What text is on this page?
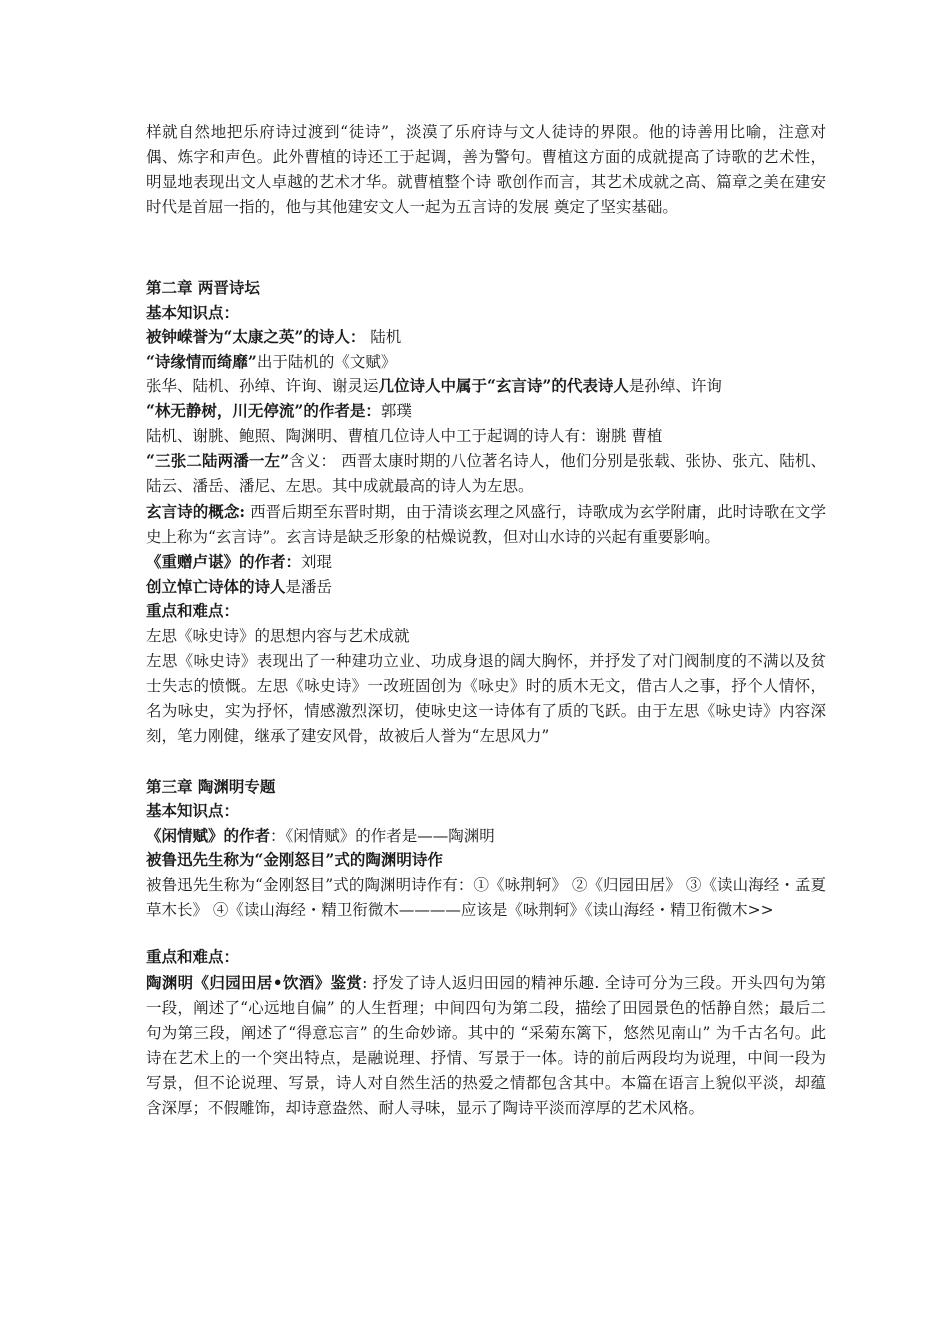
样就自然地把乐府诗过渡到“徒诗”，淡漠了乐府诗与文人徒诗的界限。他的诗善用比喻，注意对偶、炼字和声色。此外曹植的诗还工于起调，善为警句。曹植这方面的成就提高了诗歌的艺术性，明显地表现出文人卓越的艺术才华。就曹植整个诗 歌创作而言，其艺术成就之高、篇章之美在建安时代是首屈一指的，他与其他建安文人一起为五言诗的发展 奠定了坚实基础。

第二章 两晋诗坛

基本知识点：

被钟嵘誉为“太康之英”的诗人： 陆机

“诗缘情而绮靡”出于陆机的《文赋》

张华、陆机、孙绰、许询、谢灵运几位诗人中属于“玄言诗”的代表诗人是孙绰、许询

“林无静树，川无停流”的作者是：郭璞

陆机、谢朓、鲍照、陶渊明、曹植几位诗人中工于起调的诗人有：谢朓 曹植

“三张二陆两潘一左”含义： 西晋太康时期的八位著名诗人，他们分别是张载、张协、张亢、陆机、陆云、潘岳、潘尼、左思。其中成就最高的诗人为左思。

玄言诗的概念: 西晋后期至东晋时期，由于清谈玄理之风盛行，诗歌成为玄学附庸，此时诗歌在文学史上称为“玄言诗”。玄言诗是缺乏形象的枯燥说教，但对山水诗的兴起有重要影响。

《重赠卢谌》的作者：刘琨

创立悼亡诗体的诗人是潘岳

重点和难点：

左思《咏史诗》的思想内容与艺术成就

左思《咏史诗》表现出了一种建功立业、功成身退的阔大胸怀，并抒发了对门阀制度的不满以及贫士失志的愤慨。左思《咏史诗》一改班固创为《咏史》时的质木无文，借古人之事，抒个人情怀，名为咏史，实为抒怀，情感激烈深切，使咏史这一诗体有了质的飞跃。由于左思《咏史诗》内容深刻，笔力刚健，继承了建安风骨，故被后人誉为“左思风力”

第三章 陶渊明专题

基本知识点：

《闲情赋》的作者：《闲情赋》的作者是——陶渊明

被鲁迅先生称为“金刚怒目”式的陶渊明诗作

被鲁迅先生称为“金刚怒目”式的陶渊明诗作有：①《咏荆轲》 ②《归园田居》 ③《读山海经・孟夏草木长》 ④《读山海经・精卫衔微木————应该是《咏荆轲》《读山海经・精卫衔微木>>

重点和难点：

陶渊明《归园田居•饮酒》鉴赏: 抒发了诗人返归田园的精神乐趣. 全诗可分为三段。开头四句为第一段，阐述了“心远地自偏” 的人生哲理；中间四句为第二段，描绘了田园景色的恬静自然；最后二句为第三段，阐述了“得意忘言” 的生命妙谛。其中的 “采菊东篱下，悠然见南山” 为千古名句。此诗在艺术上的一个突出特点，是融说理、抒情、写景于一体。诗的前后两段均为说理，中间一段为写景，但不论说理、写景，诗人对自然生活的热爱之情都包含其中。本篇在语言上貌似平淡，却蕴含深厚；不假雕饰，却诗意盎然、耐人寻味，显示了陶诗平淡而淳厚的艺术风格。
